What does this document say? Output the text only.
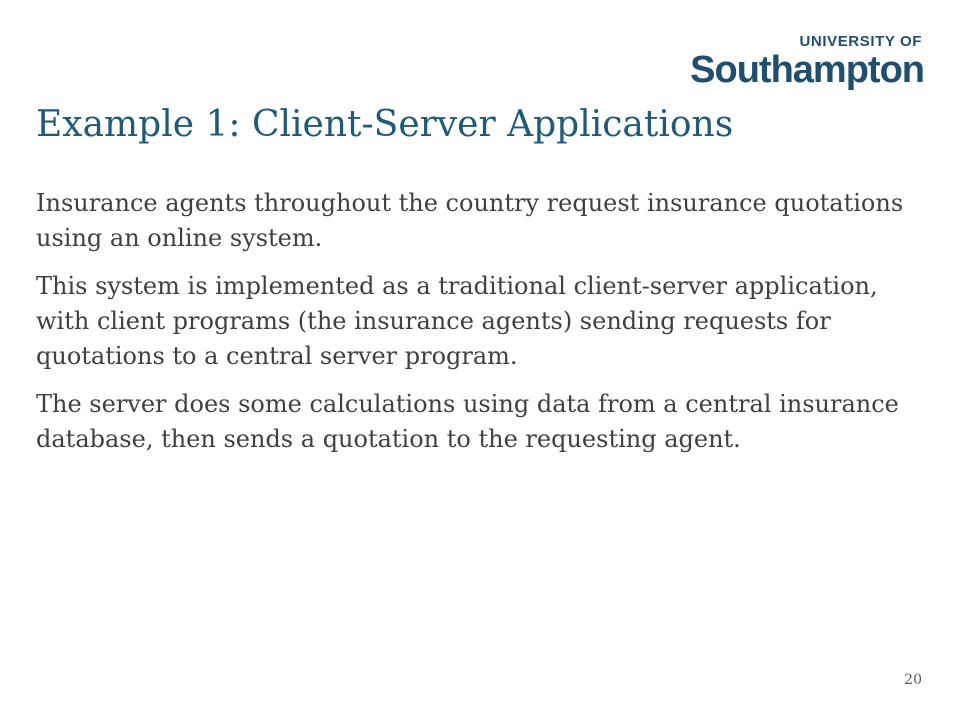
UNIVERSITY OF
Southampton
Example 1: Client-Server Applications

Insurance agents throughout the country request insurance quotations using an online system.

This system is implemented as a traditional client-server application, with client programs (the insurance agents) sending requests for quotations to a central server program.

The server does some calculations using data from a central insurance database, then sends a quotation to the requesting agent.

20
